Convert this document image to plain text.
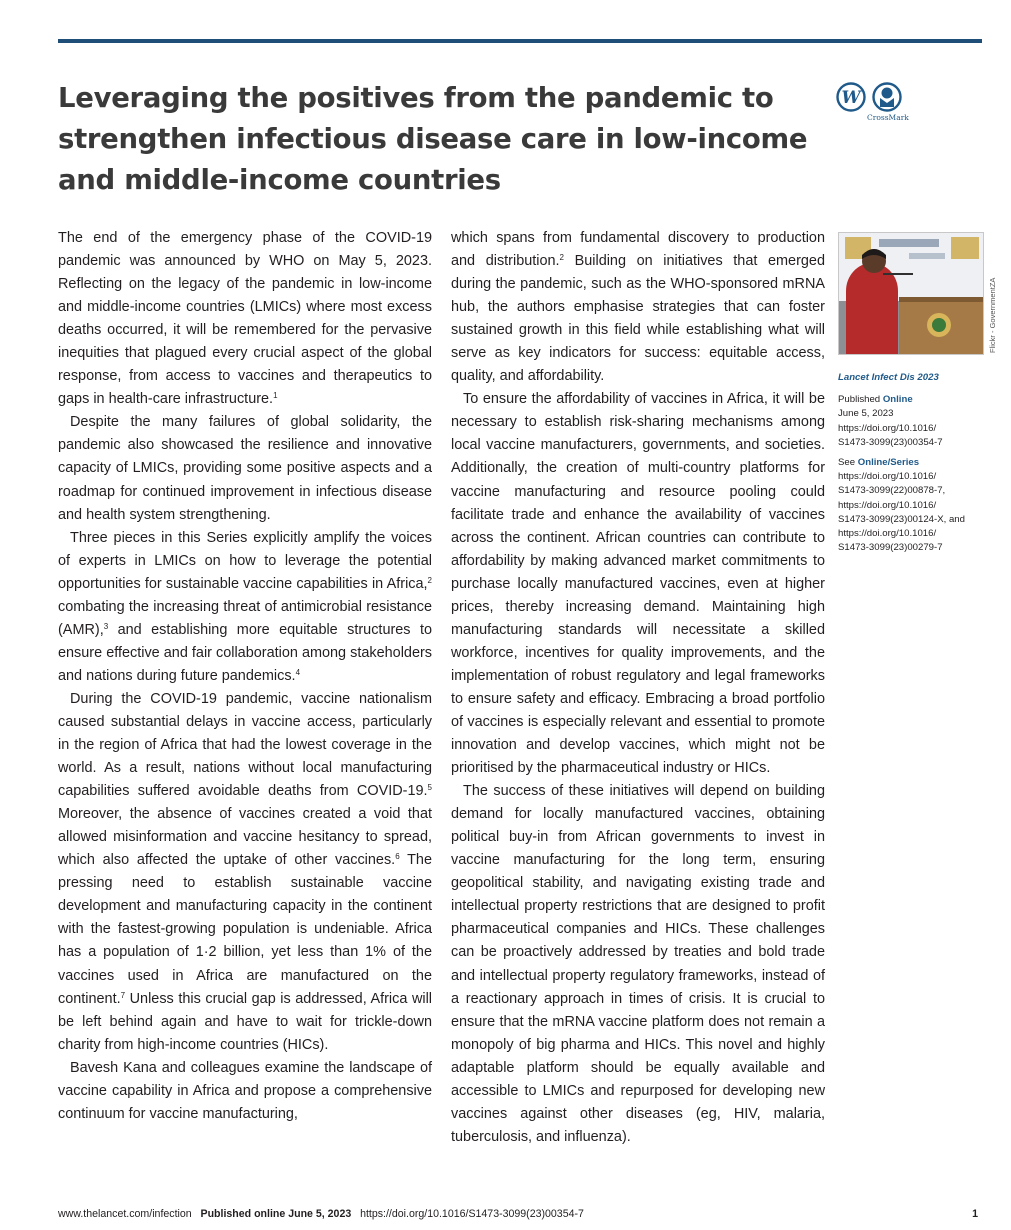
Leveraging the positives from the pandemic to strengthen infectious disease care in low-income and middle-income countries
W
CrossMark

The end of the emergency phase of the COVID-19 pandemic was announced by WHO on May 5, 2023. Reflecting on the legacy of the pandemic in low-income and middle-income countries (LMICs) where most excess deaths occurred, it will be remembered for the pervasive inequities that plagued every crucial aspect of the global response, from access to vaccines and therapeutics to gaps in health-care infrastructure.$^1$

Despite the many failures of global solidarity, the pandemic also showcased the resilience and innovative capacity of LMICs, providing some positive aspects and a roadmap for continued improvement in infectious disease and health system strengthening.

Three pieces in this Series explicitly amplify the voices of experts in LMICs on how to leverage the potential opportunities for sustainable vaccine capabilities in Africa,$^2$ combating the increasing threat of antimicrobial resistance (AMR),$^3$ and establishing more equitable structures to ensure effective and fair collaboration among stakeholders and nations during future pandemics.$^4$

During the COVID-19 pandemic, vaccine nationalism caused substantial delays in vaccine access, particularly in the region of Africa that had the lowest coverage in the world. As a result, nations without local manufacturing capabilities suffered avoidable deaths from COVID-19.$^5$ Moreover, the absence of vaccines created a void that allowed misinformation and vaccine hesitancy to spread, which also affected the uptake of other vaccines.$^6$ The pressing need to establish sustainable vaccine development and manufacturing capacity in the continent with the fastest-growing population is undeniable. Africa has a population of 1·2 billion, yet less than 1% of the vaccines used in Africa are manufactured on the continent.$^7$ Unless this crucial gap is addressed, Africa will be left behind again and have to wait for trickle-down charity from high-income countries (HICs).

Bavesh Kana and colleagues examine the landscape of vaccine capability in Africa and propose a comprehensive continuum for vaccine manufacturing,

which spans from fundamental discovery to production and distribution.$^2$ Building on initiatives that emerged during the pandemic, such as the WHO-sponsored mRNA hub, the authors emphasise strategies that can foster sustained growth in this field while establishing what will serve as key indicators for success: equitable access, quality, and affordability.

To ensure the affordability of vaccines in Africa, it will be necessary to establish risk-sharing mechanisms among local vaccine manufacturers, governments, and societies. Additionally, the creation of multi-country platforms for vaccine manufacturing and resource pooling could facilitate trade and enhance the availability of vaccines across the continent. African countries can contribute to affordability by making advanced market commitments to purchase locally manufactured vaccines, even at higher prices, thereby increasing demand. Maintaining high manufacturing standards will necessitate a skilled workforce, incentives for quality improvements, and the implementation of robust regulatory and legal frameworks to ensure safety and efficacy. Embracing a broad portfolio of vaccines is especially relevant and essential to promote innovation and develop vaccines, which might not be prioritised by the pharmaceutical industry or HICs.

The success of these initiatives will depend on building demand for locally manufactured vaccines, obtaining political buy-in from African governments to invest in vaccine manufacturing for the long term, ensuring geopolitical stability, and navigating existing trade and intellectual property restrictions that are designed to profit pharmaceutical companies and HICs. These challenges can be proactively addressed by treaties and bold trade and intellectual property regulatory frameworks, instead of a reactionary approach in times of crisis. It is crucial to ensure that the mRNA vaccine platform does not remain a monopoly of big pharma and HICs. This novel and highly adaptable platform should be equally available and accessible to LMICs and repurposed for developing new vaccines against other diseases (eg, HIV, malaria, tuberculosis, and influenza).

Flickr - GovernmentZA
Lancet Infect Dis 2023
Published Online
June 5, 2023
https://doi.org/10.1016/
S1473-3099(23)00354-7
See Online/Series
https://doi.org/10.1016/
S1473-3099(22)00878-7,
https://doi.org/10.1016/
S1473-3099(23)00124-X, and
https://doi.org/10.1016/
S1473-3099(23)00279-7
www.thelancet.com/infection Published online June 5, 2023 https://doi.org/10.1016/S1473-3099(23)00354-7	1
